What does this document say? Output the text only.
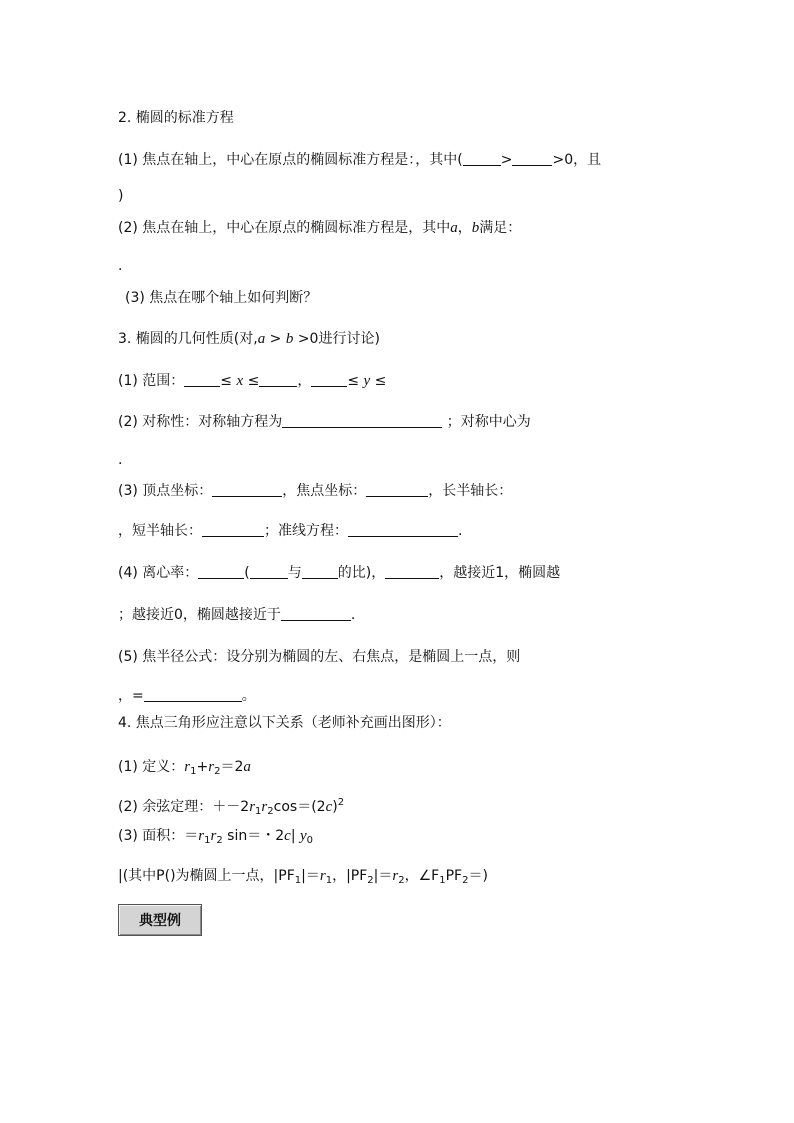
2. 椭圆的标准方程
(1) 焦点在轴上，中心在原点的椭圆标准方程是：，其中(	>	>0，且
)
(2) 焦点在轴上，中心在原点的椭圆标准方程是，其中a，b满足：
.
(3) 焦点在哪个轴上如何判断？
3. 椭圆的几何性质(对,a > b >0进行讨论)
(1) 范围：	≤ x ≤	，	≤ y ≤
(2) 对称性：对称轴方程为	；对称中心为
.
(3) 顶点坐标：	，焦点坐标：	，长半轴长：
，短半轴长：	；准线方程：	.
(4) 离心率：	(	与	的比)，	，越接近1，椭圆越
；越接近0，椭圆越接近于	.
(5) 焦半径公式：设分别为椭圆的左、右焦点，是椭圆上一点，则
，=	。
4. 焦点三角形应注意以下关系（老师补充画出图形）：
(1) 定义：$r_1+r_2=2a$
(2) 余弦定理：$+-2r_1r_2\cos=(2c)^2$
(3) 面积：$=r_1r_2$ sin＝・2c| $y_0$
|(其中P()为椭圆上一点，$|PF_1|=r_1$，$|PF_2|=r_2$，$\angle F_1PF_2=$)
典型例
